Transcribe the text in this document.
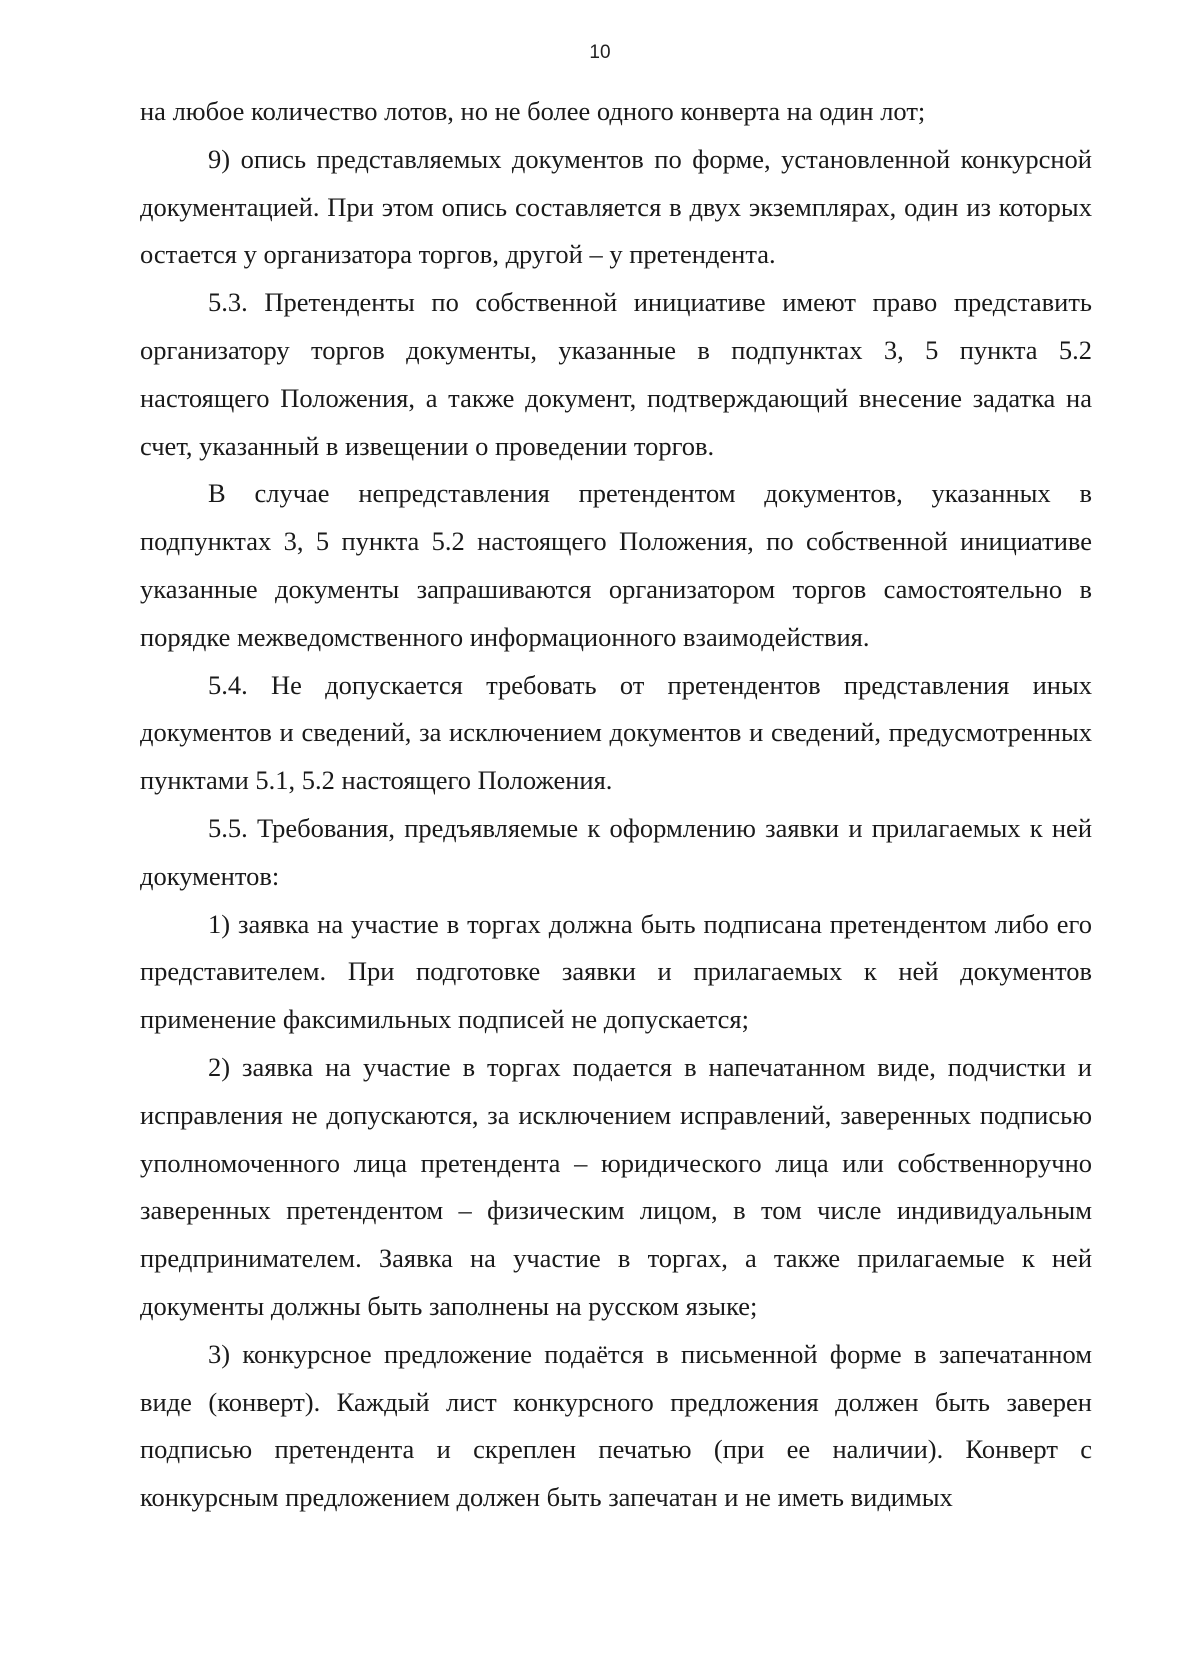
10

на любое количество лотов, но не более одного конверта на один лот;

9) опись представляемых документов по форме, установленной конкурсной документацией. При этом опись составляется в двух экземплярах, один из которых остается у организатора торгов, другой – у претендента.

5.3. Претенденты по собственной инициативе имеют право представить организатору торгов документы, указанные в подпунктах 3, 5 пункта 5.2 настоящего Положения, а также документ, подтверждающий внесение задатка на счет, указанный в извещении о проведении торгов.

В случае непредставления претендентом документов, указанных в подпунктах 3, 5 пункта 5.2 настоящего Положения, по собственной инициативе указанные документы запрашиваются организатором торгов самостоятельно в порядке межведомственного информационного взаимодействия.

5.4. Не допускается требовать от претендентов представления иных документов и сведений, за исключением документов и сведений, предусмотренных пунктами 5.1, 5.2 настоящего Положения.

5.5. Требования, предъявляемые к оформлению заявки и прилагаемых к ней документов:

1) заявка на участие в торгах должна быть подписана претендентом либо его представителем. При подготовке заявки и прилагаемых к ней документов применение факсимильных подписей не допускается;

2) заявка на участие в торгах подается в напечатанном виде, подчистки и исправления не допускаются, за исключением исправлений, заверенных подписью уполномоченного лица претендента – юридического лица или собственноручно заверенных претендентом – физическим лицом, в том числе индивидуальным предпринимателем. Заявка на участие в торгах, а также прилагаемые к ней документы должны быть заполнены на русском языке;

3) конкурсное предложение подаётся в письменной форме в запечатанном виде (конверт). Каждый лист конкурсного предложения должен быть заверен подписью претендента и скреплен печатью (при ее наличии). Конверт с конкурсным предложением должен быть запечатан и не иметь видимых
